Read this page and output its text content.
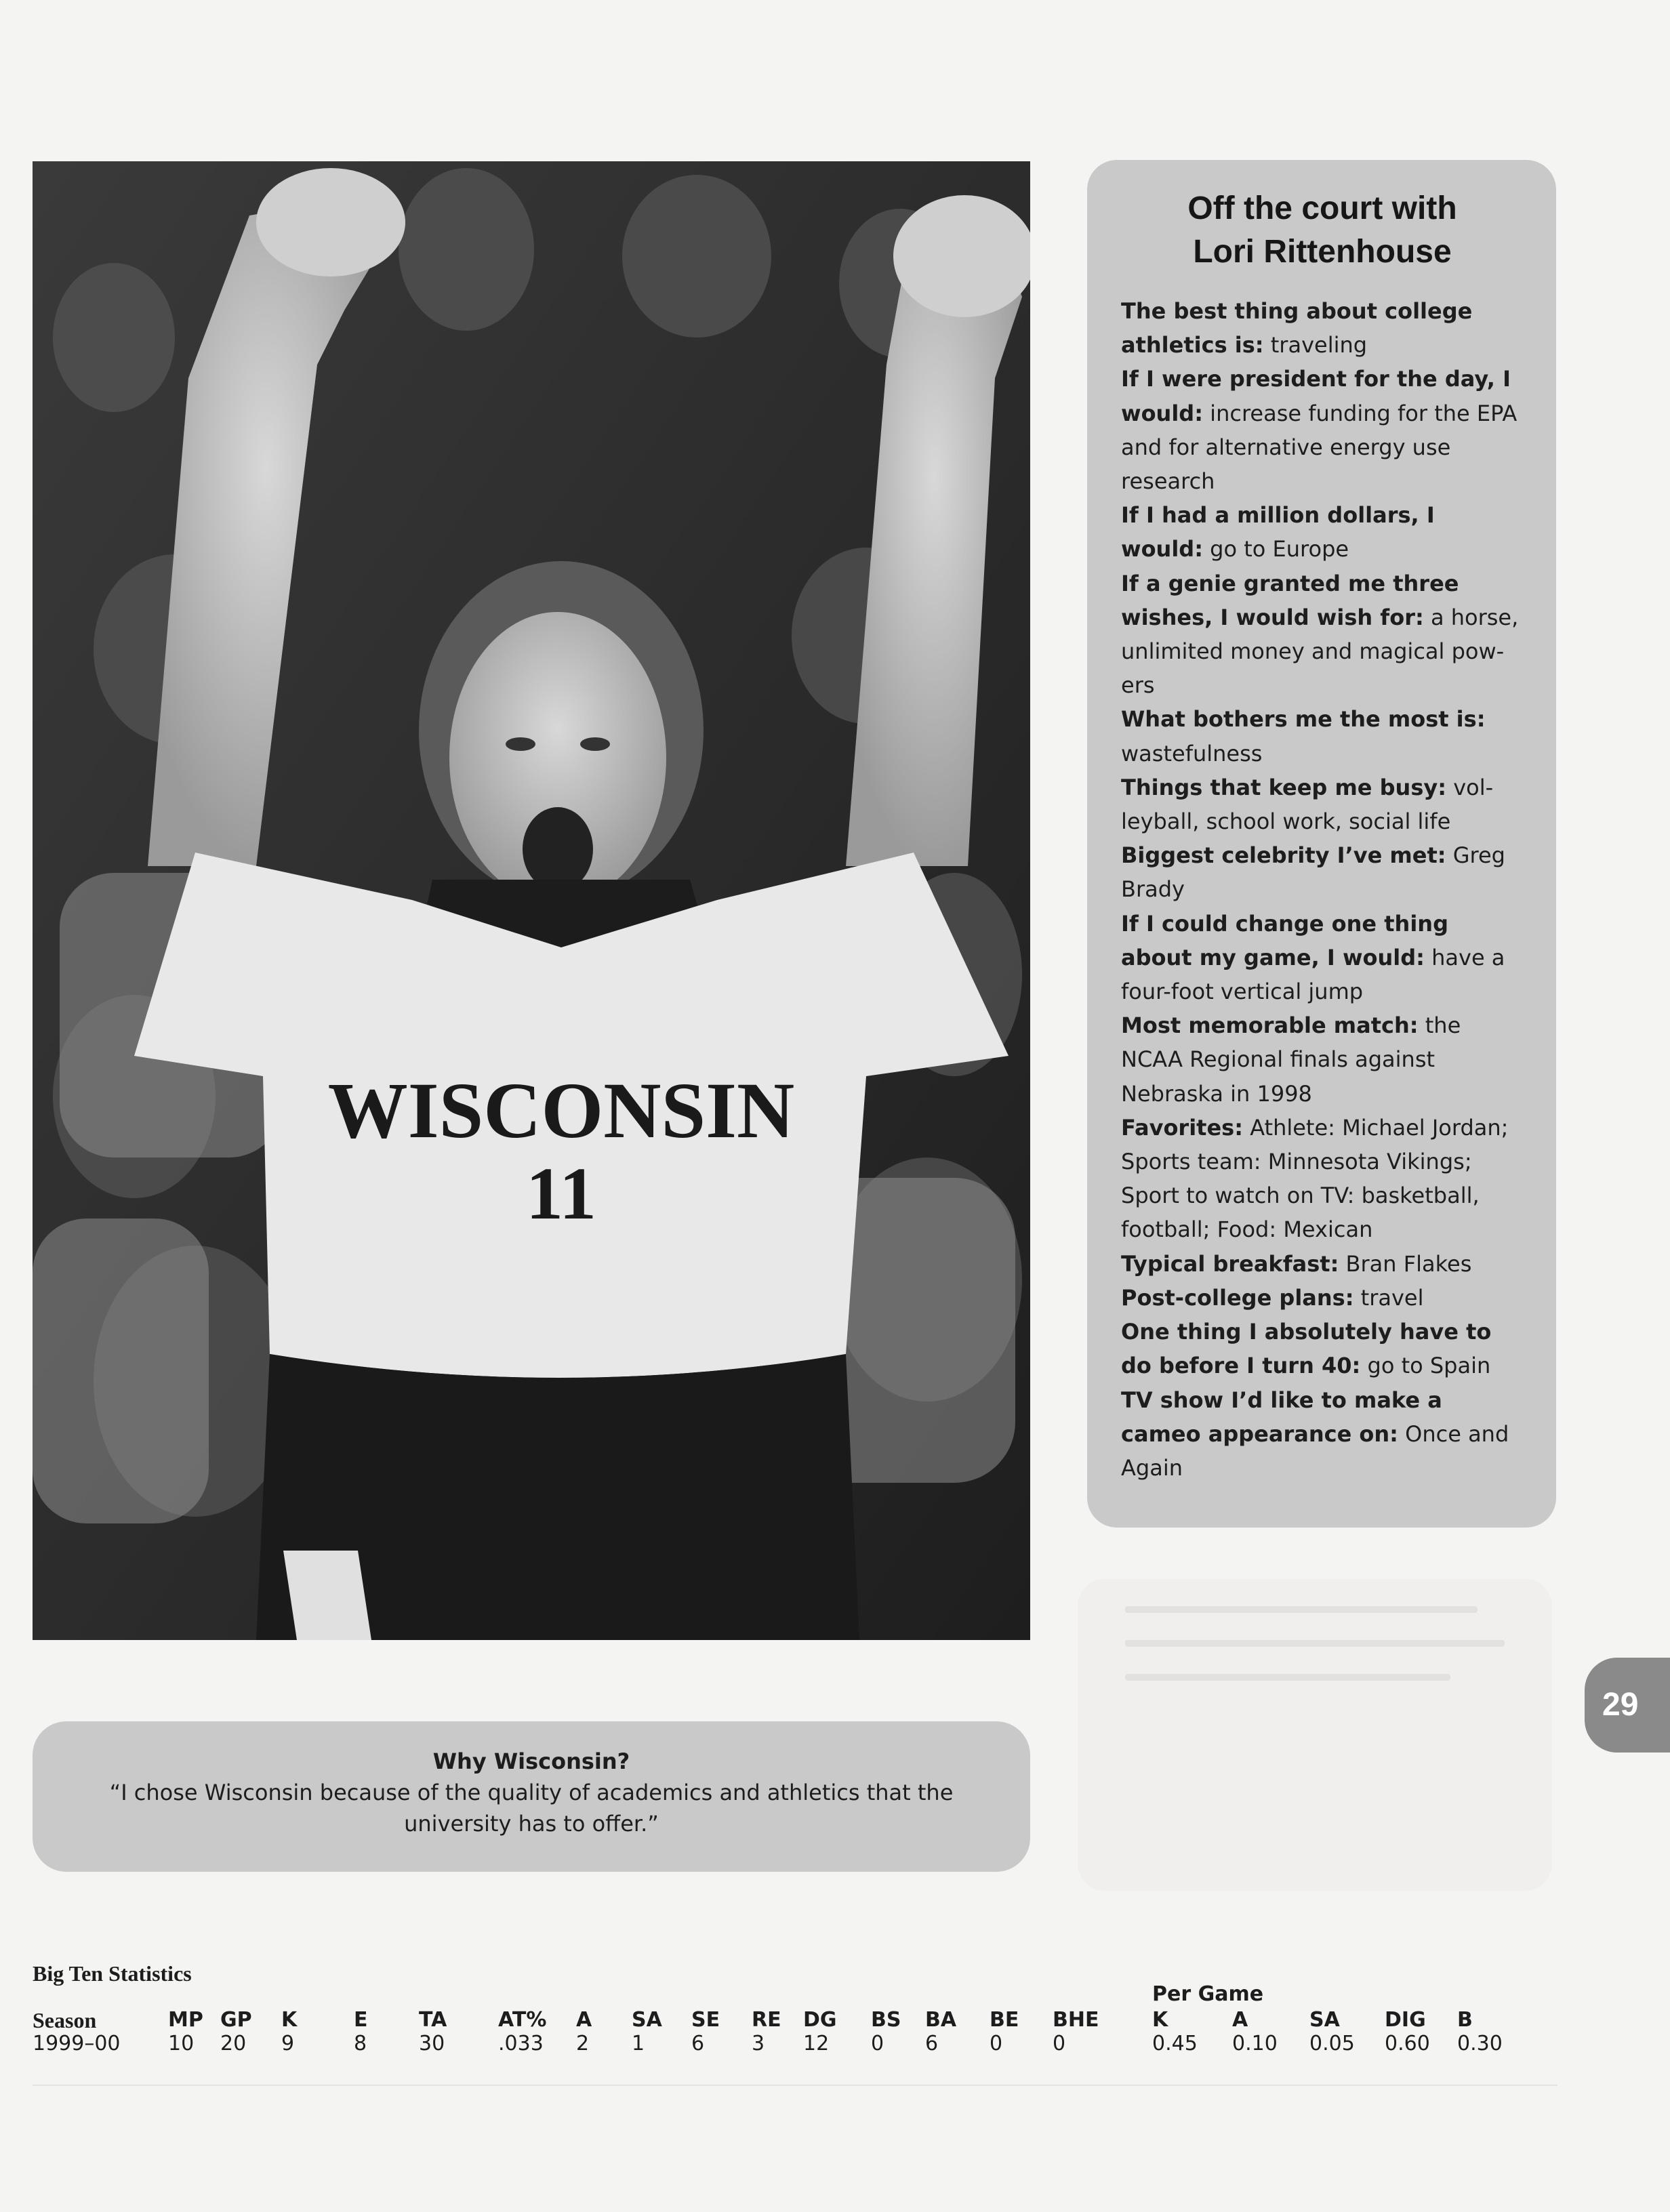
WISCONSIN
11
Off the court with
Lori Rittenhouse

The best thing about college athletics is: traveling

If I were president for the day, I would: increase funding for the EPA and for alternative energy use research

If I had a million dollars, I would: go to Europe

If a genie granted me three wishes, I would wish for: a horse, unlimited money and magical powers

What bothers me the most is: wastefulness

Things that keep me busy: volleyball, school work, social life

Biggest celebrity I’ve met: Greg Brady

If I could change one thing about my game, I would: have a four-foot vertical jump

Most memorable match: the NCAA Regional finals against Nebraska in 1998

Favorites: Athlete: Michael Jordan; Sports team: Minnesota Vikings; Sport to watch on TV: basketball, football; Food: Mexican

Typical breakfast: Bran Flakes

Post-college plans: travel

One thing I absolutely have to do before I turn 40: go to Spain

TV show I’d like to make a cameo appearance on: Once and Again

29
Why Wisconsin?
“I chose Wisconsin because of the quality of academics and athletics that the university has to offer.”
Big Ten Statistics
Per Game
Season	MP GP K	E	TA	AT% A SA SE RE DG BS BA BE BHE	K	A	SA DIG B
1999–00 10 20 9	8	30	.033 2 1 6 3 12 0 6	0 0	0.45 0.10 0.05 0.60 0.30
